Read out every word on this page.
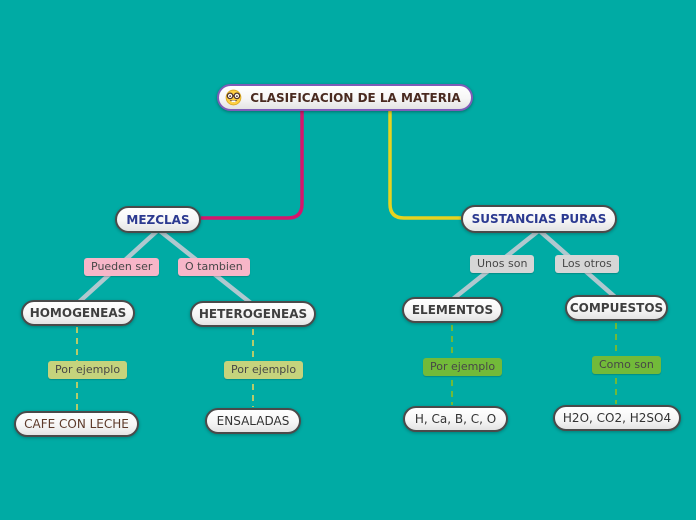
CLASIFICACION DE LA MATERIA
MEZCLAS	SUSTANCIAS PURAS
HOMOGENEAS	HETEROGENEAS	ELEMENTOS	COMPUESTOS
CAFE CON LECHE	ENSALADAS	H, Ca, B, C, O	H2O, CO2, H2SO4
Pueden ser	O tambien	Unos son	Los otros
Por ejemplo	Por ejemplo	Por ejemplo	Como son
